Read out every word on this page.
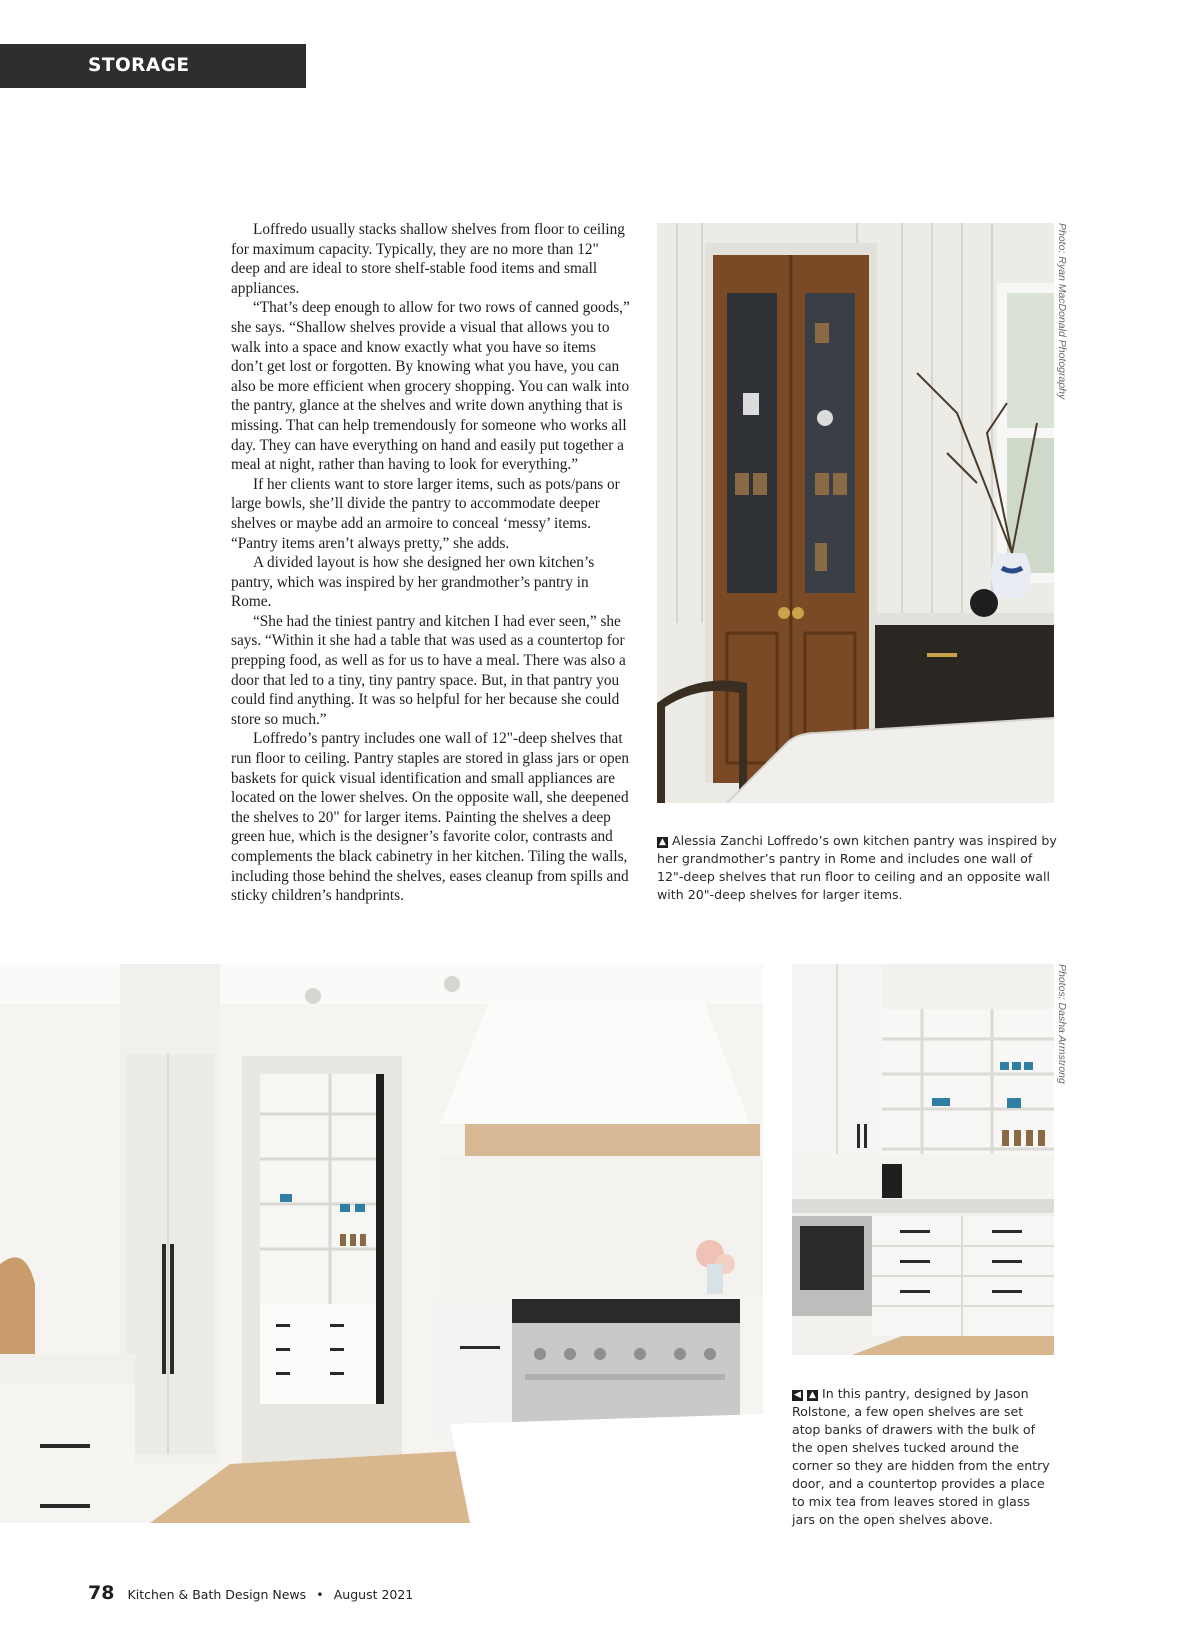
STORAGE SOLUTIONS

Loffredo usually stacks shallow shelves from floor to ceiling for maximum capacity. Typically, they are no more than 12" deep and are ideal to store shelf-stable food items and small appliances.

“That’s deep enough to allow for two rows of canned goods,” she says. “Shallow shelves provide a visual that allows you to walk into a space and know exactly what you have so items don’t get lost or forgotten. By knowing what you have, you can also be more efficient when grocery shopping. You can walk into the pantry, glance at the shelves and write down anything that is missing. That can help tremendously for someone who works all day. They can have everything on hand and easily put together a meal at night, rather than having to look for everything.”

If her clients want to store larger items, such as pots/pans or large bowls, she’ll divide the pantry to accommodate deeper shelves or maybe add an armoire to conceal ‘messy’ items. “Pantry items aren’t always pretty,” she adds.

A divided layout is how she designed her own kitchen’s pantry, which was inspired by her grandmother’s pantry in Rome.

“She had the tiniest pantry and kitchen I had ever seen,” she says. “Within it she had a table that was used as a countertop for prepping food, as well as for us to have a meal. There was also a door that led to a tiny, tiny pantry space. But, in that pantry you could find anything. It was so helpful for her because she could store so much.”

Loffredo’s pantry includes one wall of 12"-deep shelves that run floor to ceiling. Pantry staples are stored in glass jars or open baskets for quick visual identification and small appliances are located on the lower shelves. On the opposite wall, she deepened the shelves to 20" for larger items. Painting the shelves a deep green hue, which is the designer’s favorite color, contrasts and complements the black cabinetry in her kitchen. Tiling the walls, including those behind the shelves, eases cleanup from spills and sticky children’s handprints.

Photo: Ryan MacDonald Photography
▲ Alessia Zanchi Loffredo’s own kitchen pantry was inspired by her grandmother’s pantry in Rome and includes one wall of 12"-deep shelves that run floor to ceiling and an opposite wall with 20"-deep shelves for larger items.
Photos: Dasha Armstrong
◀ ▲ In this pantry, designed by Jason Rolstone, a few open shelves are set atop banks of drawers with the bulk of the open shelves tucked around the corner so they are hidden from the entry door, and a countertop provides a place to mix tea from leaves stored in glass jars on the open shelves above.
78 Kitchen & Bath Design News • August 2021
